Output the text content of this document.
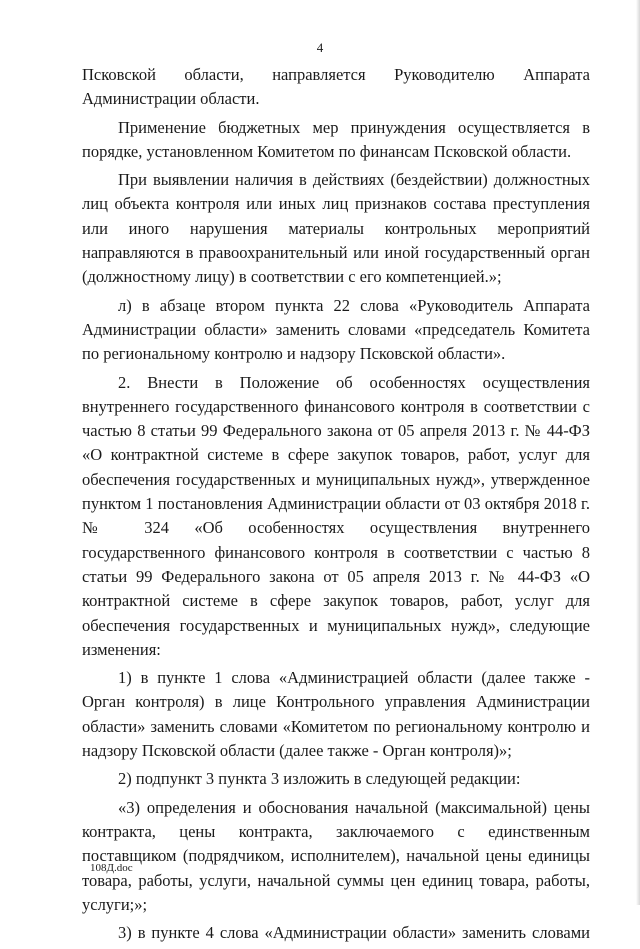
4

Псковской области, направляется Руководителю Аппарата Администрации области.

Применение бюджетных мер принуждения осуществляется в порядке, установленном Комитетом по финансам Псковской области.

При выявлении наличия в действиях (бездействии) должностных лиц объекта контроля или иных лиц признаков состава преступления или иного нарушения материалы контрольных мероприятий направляются в правоохранительный или иной государственный орган (должностному лицу) в соответствии с его компетенцией.»;

л) в абзаце втором пункта 22 слова «Руководитель Аппарата Администрации области» заменить словами «председатель Комитета по региональному контролю и надзору Псковской области».

2. Внести в Положение об особенностях осуществления внутреннего государственного финансового контроля в соответствии с частью 8 статьи 99 Федерального закона от 05 апреля 2013 г. № 44-ФЗ «О контрактной системе в сфере закупок товаров, работ, услуг для обеспечения государственных и муниципальных нужд», утвержденное пунктом 1 постановления Администрации области от 03 октября 2018 г. № 324 «Об особенностях осуществления внутреннего государственного финансового контроля в соответствии с частью 8 статьи 99 Федерального закона от 05 апреля 2013 г. № 44-ФЗ «О контрактной системе в сфере закупок товаров, работ, услуг для обеспечения государственных и муниципальных нужд», следующие изменения:

1) в пункте 1 слова «Администрацией области (далее также - Орган контроля) в лице Контрольного управления Администрации области» заменить словами «Комитетом по региональному контролю и надзору Псковской области (далее также - Орган контроля)»;

2) подпункт 3 пункта 3 изложить в следующей редакции:

«3) определения и обоснования начальной (максимальной) цены контракта, цены контракта, заключаемого с единственным поставщиком (подрядчиком, исполнителем), начальной цены единицы товара, работы, услуги, начальной суммы цен единиц товара, работы, услуги;»;

3) в пункте 4 слова «Администрации области» заменить словами

108Д.doc
